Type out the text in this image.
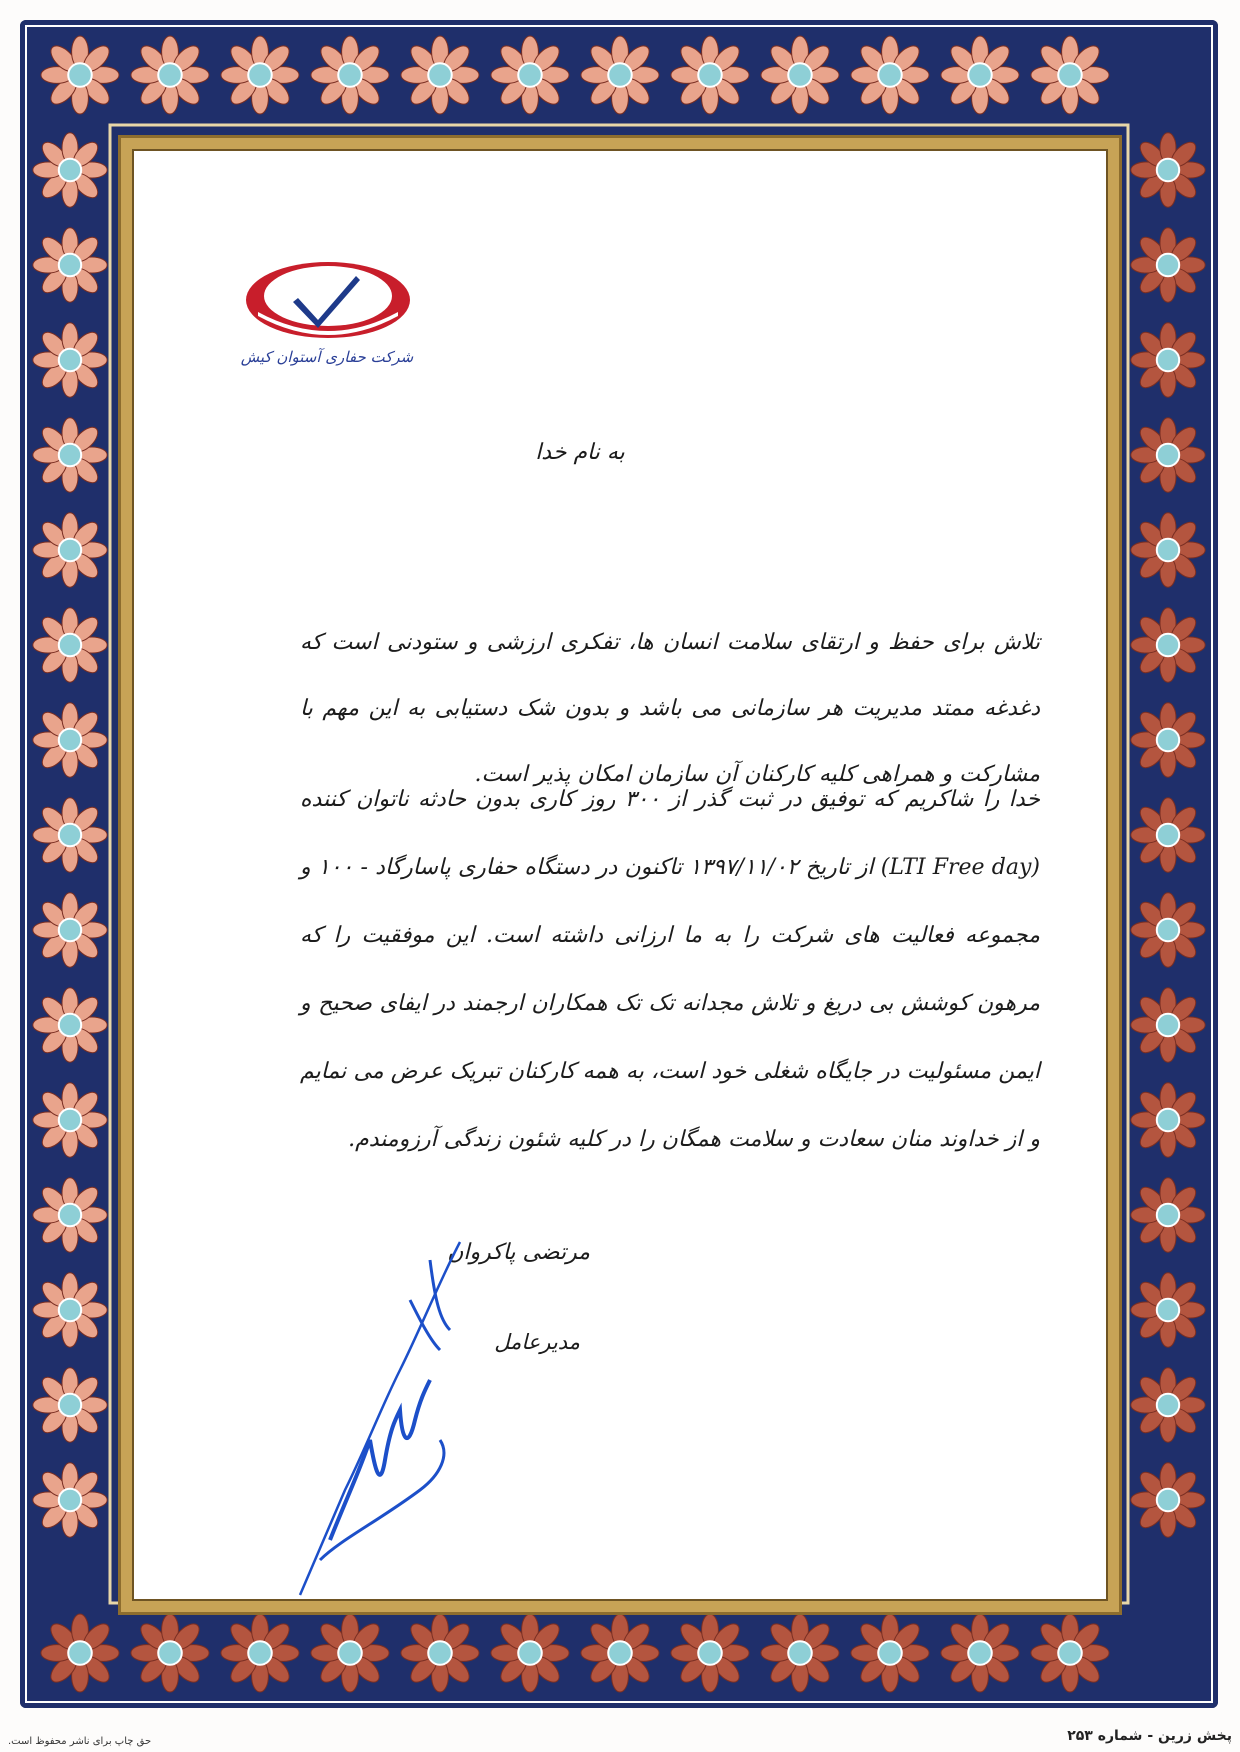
شرکت حفاری آستوان کیش
به نام خدا
تلاش برای حفظ و ارتقای سلامت انسان ها، تفکری ارزشی و ستودنی است که دغدغه ممتد مدیریت هر سازمانی می باشد و بدون شک دستیابی به این مهم با مشارکت و همراهی کلیه کارکنان آن سازمان امکان پذیر است.
خدا را شاکریم که توفیق در ثبت گذر از ۳۰۰ روز کاری بدون حادثه ناتوان کننده (LTI Free day) از تاریخ ۱۳۹۷/۱۱/۰۲ تاکنون در دستگاه حفاری پاسارگاد - ۱۰۰ و مجموعه فعالیت های شرکت را به ما ارزانی داشته است. این موفقیت را که مرهون کوشش بی دریغ و تلاش مجدانه تک تک همکاران ارجمند در ایفای صحیح و ایمن مسئولیت در جایگاه شغلی خود است، به همه کارکنان تبریک عرض می نمایم و از خداوند منان سعادت و سلامت همگان را در کلیه شئون زندگی آرزومندم.
مرتضی پاکروان
مدیرعامل
پخش زرین - شماره ۲۵۳
حق چاپ برای ناشر محفوظ است.
